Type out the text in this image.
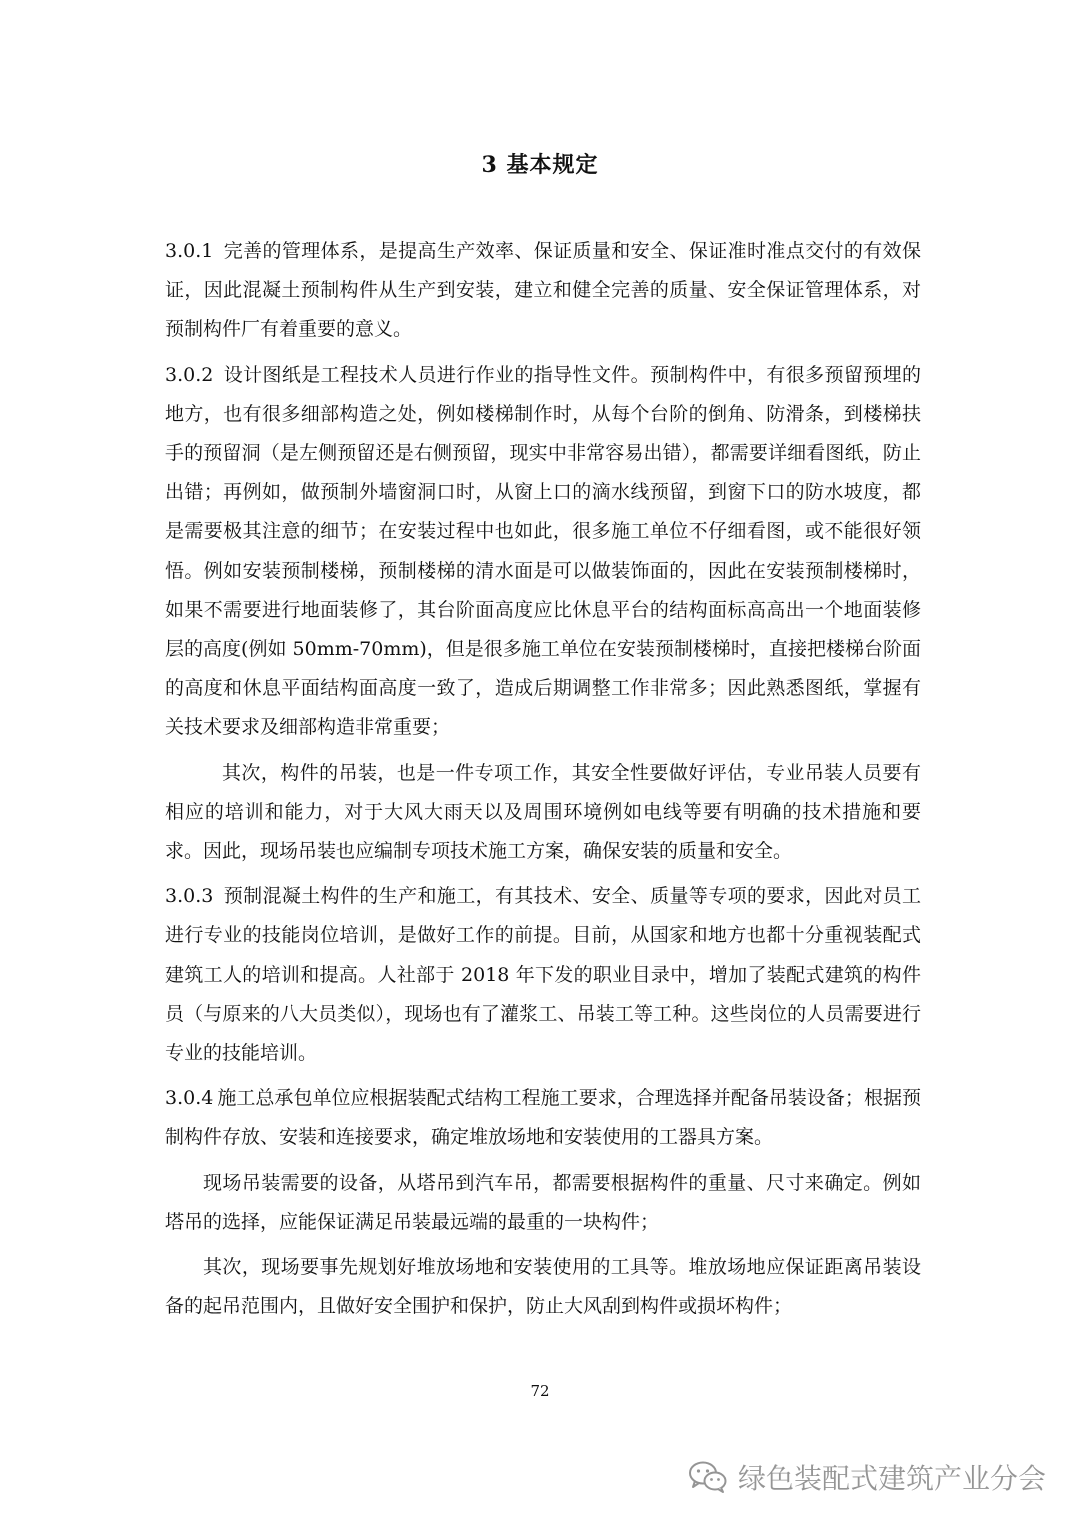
3 基本规定

3.0.1 完善的管理体系，是提高生产效率、保证质量和安全、保证准时准点交付的有效保证，因此混凝土预制构件从生产到安装，建立和健全完善的质量、安全保证管理体系，对预制构件厂有着重要的意义。

3.0.2 设计图纸是工程技术人员进行作业的指导性文件。预制构件中，有很多预留预埋的地方，也有很多细部构造之处，例如楼梯制作时，从每个台阶的倒角、防滑条，到楼梯扶手的预留洞（是左侧预留还是右侧预留，现实中非常容易出错），都需要详细看图纸，防止出错；再例如，做预制外墙窗洞口时，从窗上口的滴水线预留，到窗下口的防水坡度，都是需要极其注意的细节；在安装过程中也如此，很多施工单位不仔细看图，或不能很好领悟。例如安装预制楼梯，预制楼梯的清水面是可以做装饰面的，因此在安装预制楼梯时，如果不需要进行地面装修了，其台阶面高度应比休息平台的结构面标高高出一个地面装修层的高度(例如 50mm-70mm)，但是很多施工单位在安装预制楼梯时，直接把楼梯台阶面的高度和休息平面结构面高度一致了，造成后期调整工作非常多；因此熟悉图纸，掌握有关技术要求及细部构造非常重要；

其次，构件的吊装，也是一件专项工作，其安全性要做好评估，专业吊装人员要有相应的培训和能力，对于大风大雨天以及周围环境例如电线等要有明确的技术措施和要求。因此，现场吊装也应编制专项技术施工方案，确保安装的质量和安全。

3.0.3 预制混凝土构件的生产和施工，有其技术、安全、质量等专项的要求，因此对员工进行专业的技能岗位培训，是做好工作的前提。目前，从国家和地方也都十分重视装配式建筑工人的培训和提高。人社部于 2018 年下发的职业目录中，增加了装配式建筑的构件员（与原来的八大员类似），现场也有了灌浆工、吊装工等工种。这些岗位的人员需要进行专业的技能培训。

3.0.4 施工总承包单位应根据装配式结构工程施工要求，合理选择并配备吊装设备；根据预制构件存放、安装和连接要求，确定堆放场地和安装使用的工器具方案。

现场吊装需要的设备，从塔吊到汽车吊，都需要根据构件的重量、尺寸来确定。例如塔吊的选择，应能保证满足吊装最远端的最重的一块构件；

其次，现场要事先规划好堆放场地和安装使用的工具等。堆放场地应保证距离吊装设备的起吊范围内，且做好安全围护和保护，防止大风刮到构件或损坏构件；

72
绿色装配式建筑产业分会
